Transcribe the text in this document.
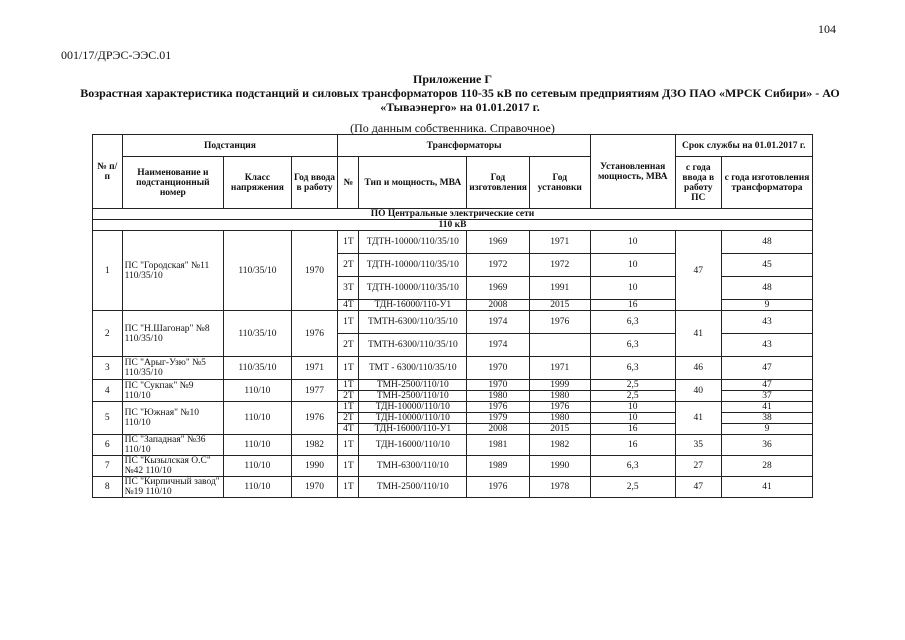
104
001/17/ДРЭС-ЭЭС.01
Приложение Г
Возрастная характеристика подстанций и силовых трансформаторов 110-35 кВ по сетевым предприятиям ДЗО ПАО «МРСК Сибири» - АО «Тываэнерго» на 01.01.2017 г.
(По данным собственника. Справочное)
№ п/п	Подстанция			Трансформаторы				Установленная мощность, МВА	Срок службы на 01.01.2017 г.	
	Наименование и подстанционный номер	Класс напряжения	Год ввода в работу	№	Тип и мощность, МВА	Год изготовления	Год установки		с года ввода в работу ПС	с года изготовления трансформатора
ПО Центральные электрические сети										
110 кВ										
1	ПС "Городская" №11 110/35/10	110/35/10	1970	1Т	ТДТН-10000/110/35/10	1969	1971	10	47	48
				2Т	ТДТН-10000/110/35/10	1972	1972	10		45
				3Т	ТДТН-10000/110/35/10	1969	1991	10		48
				4Т	ТДН-16000/110-У1	2008	2015	16		9
2	ПС "Н.Шагонар" №8 110/35/10	110/35/10	1976	1Т	ТМТН-6300/110/35/10	1974	1976	6,3	41	43
				2Т	ТМТН-6300/110/35/10	1974		6,3		43
3	ПС "Арыг-Узю" №5 110/35/10	110/35/10	1971	1Т	ТМТ - 6300/110/35/10	1970	1971	6,3	46	47
4	ПС "Сукпак" №9 110/10	110/10	1977	1Т	ТМН-2500/110/10	1970	1999	2,5	40	47
				2Т	ТМН-2500/110/10	1980	1980	2,5		37
5	ПС "Южная" №10 110/10	110/10	1976	1Т	ТДН-10000/110/10	1976	1976	10	41	41
				2Т	ТДН-10000/110/10	1979	1980	10		38
				4Т	ТДН-16000/110-У1	2008	2015	16		9
6	ПС "Западная" №36 110/10	110/10	1982	1Т	ТДН-16000/110/10	1981	1982	16	35	36
7	ПС "Кызылская О.С" №42 110/10	110/10	1990	1Т	ТМН-6300/110/10	1989	1990	6,3	27	28
8	ПС "Кирпичный завод" №19 110/10	110/10	1970	1Т	ТМН-2500/110/10	1976	1978	2,5	47	41
